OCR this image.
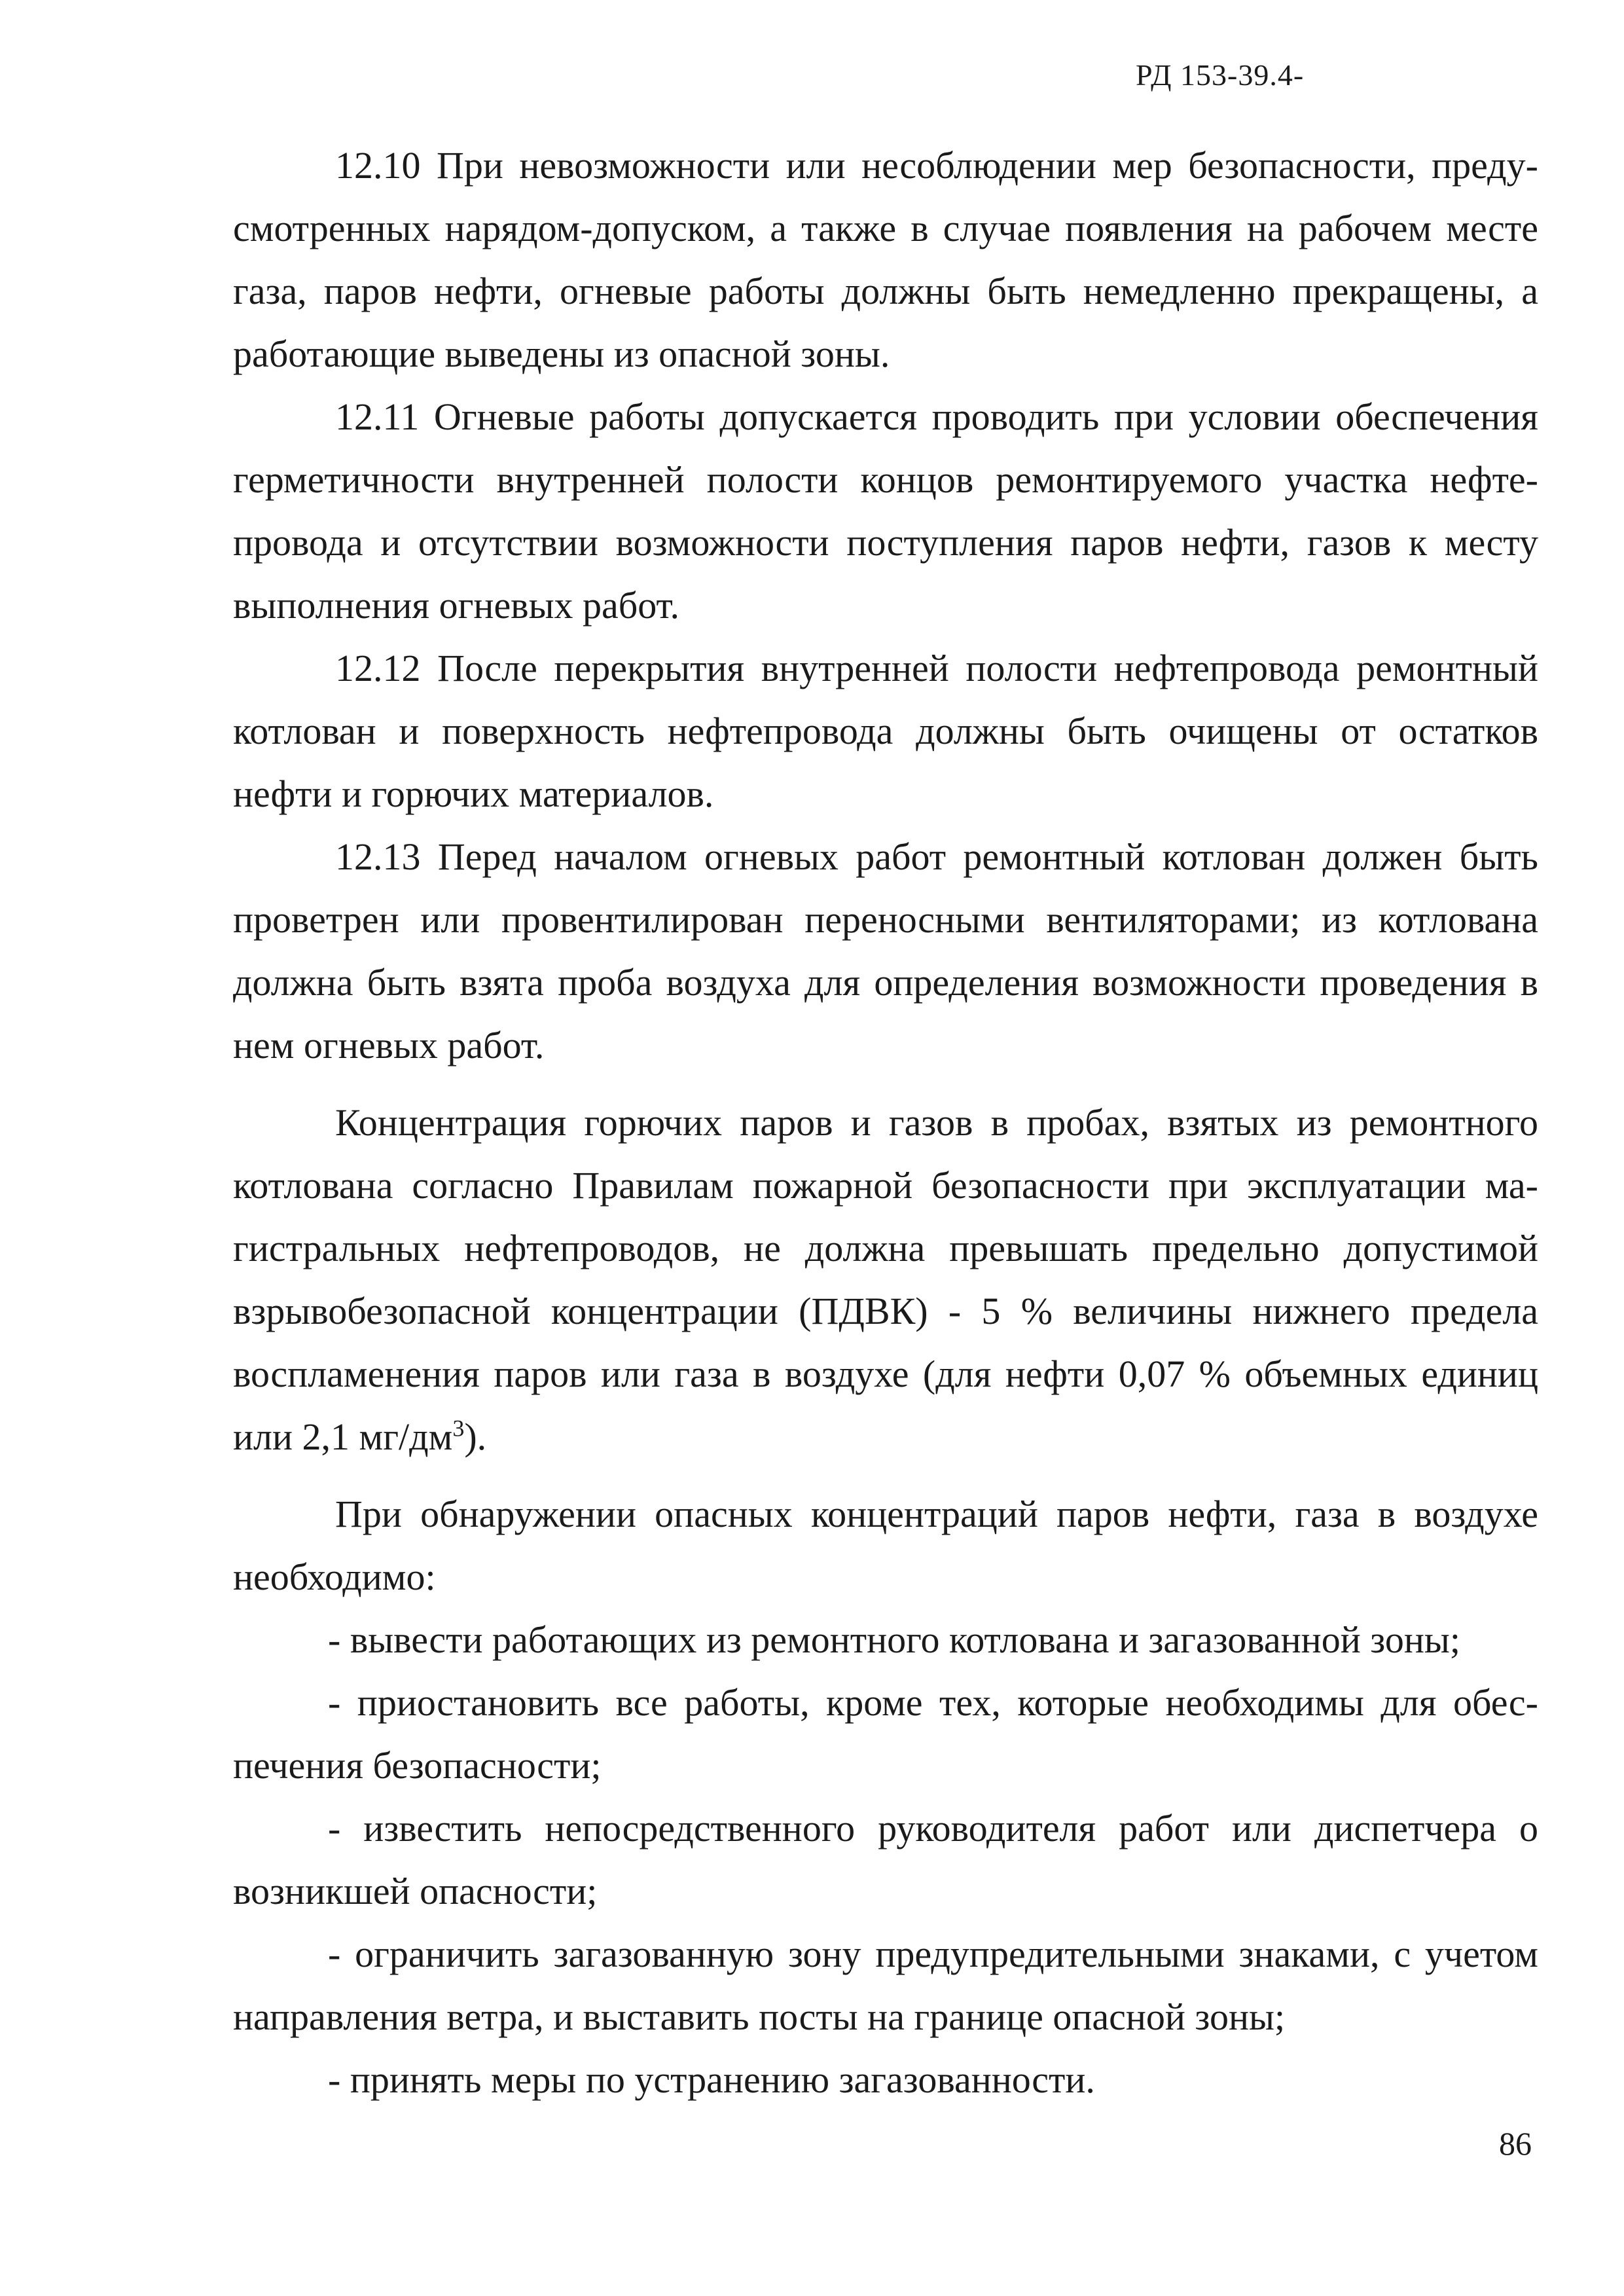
РД 153-39.4-

12.10 При невозможности или несоблюдении мер безопасности, предусмотренных нарядом-допуском, а также в случае появления на рабочем месте газа, паров нефти, огневые работы должны быть немедленно прекращены, а работающие выведены из опасной зоны.

12.11 Огневые работы допускается проводить при условии обеспечения герметичности внутренней полости концов ремонтируемого участка нефтепровода и отсутствии возможности поступления паров нефти, газов к месту выполнения огневых работ.

12.12 После перекрытия внутренней полости нефтепровода ремонтный котлован и поверхность нефтепровода должны быть очищены от остатков нефти и горючих материалов.

12.13 Перед началом огневых работ ремонтный котлован должен быть проветрен или провентилирован переносными вентиляторами; из котлована должна быть взята проба воздуха для определения возможности проведения в нем огневых работ.

Концентрация горючих паров и газов в пробах, взятых из ремонтного котлована согласно Правилам пожарной безопасности при эксплуатации магистральных нефтепроводов, не должна превышать предельно допустимой взрывобезопасной концентрации (ПДВК) - 5 % величины нижнего предела воспламенения паров или газа в воздухе (для нефти 0,07 % объемных единиц или 2,1 $мг/дм^3$).

При обнаружении опасных концентраций паров нефти, газа в воздухе необходимо:

- вывести работающих из ремонтного котлована и загазованной зоны;

- приостановить все работы, кроме тех, которые необходимы для обеспечения безопасности;

- известить непосредственного руководителя работ или диспетчера о возникшей опасности;

- ограничить загазованную зону предупредительными знаками, с учетом направления ветра, и выставить посты на границе опасной зоны;

- принять меры по устранению загазованности.

86
